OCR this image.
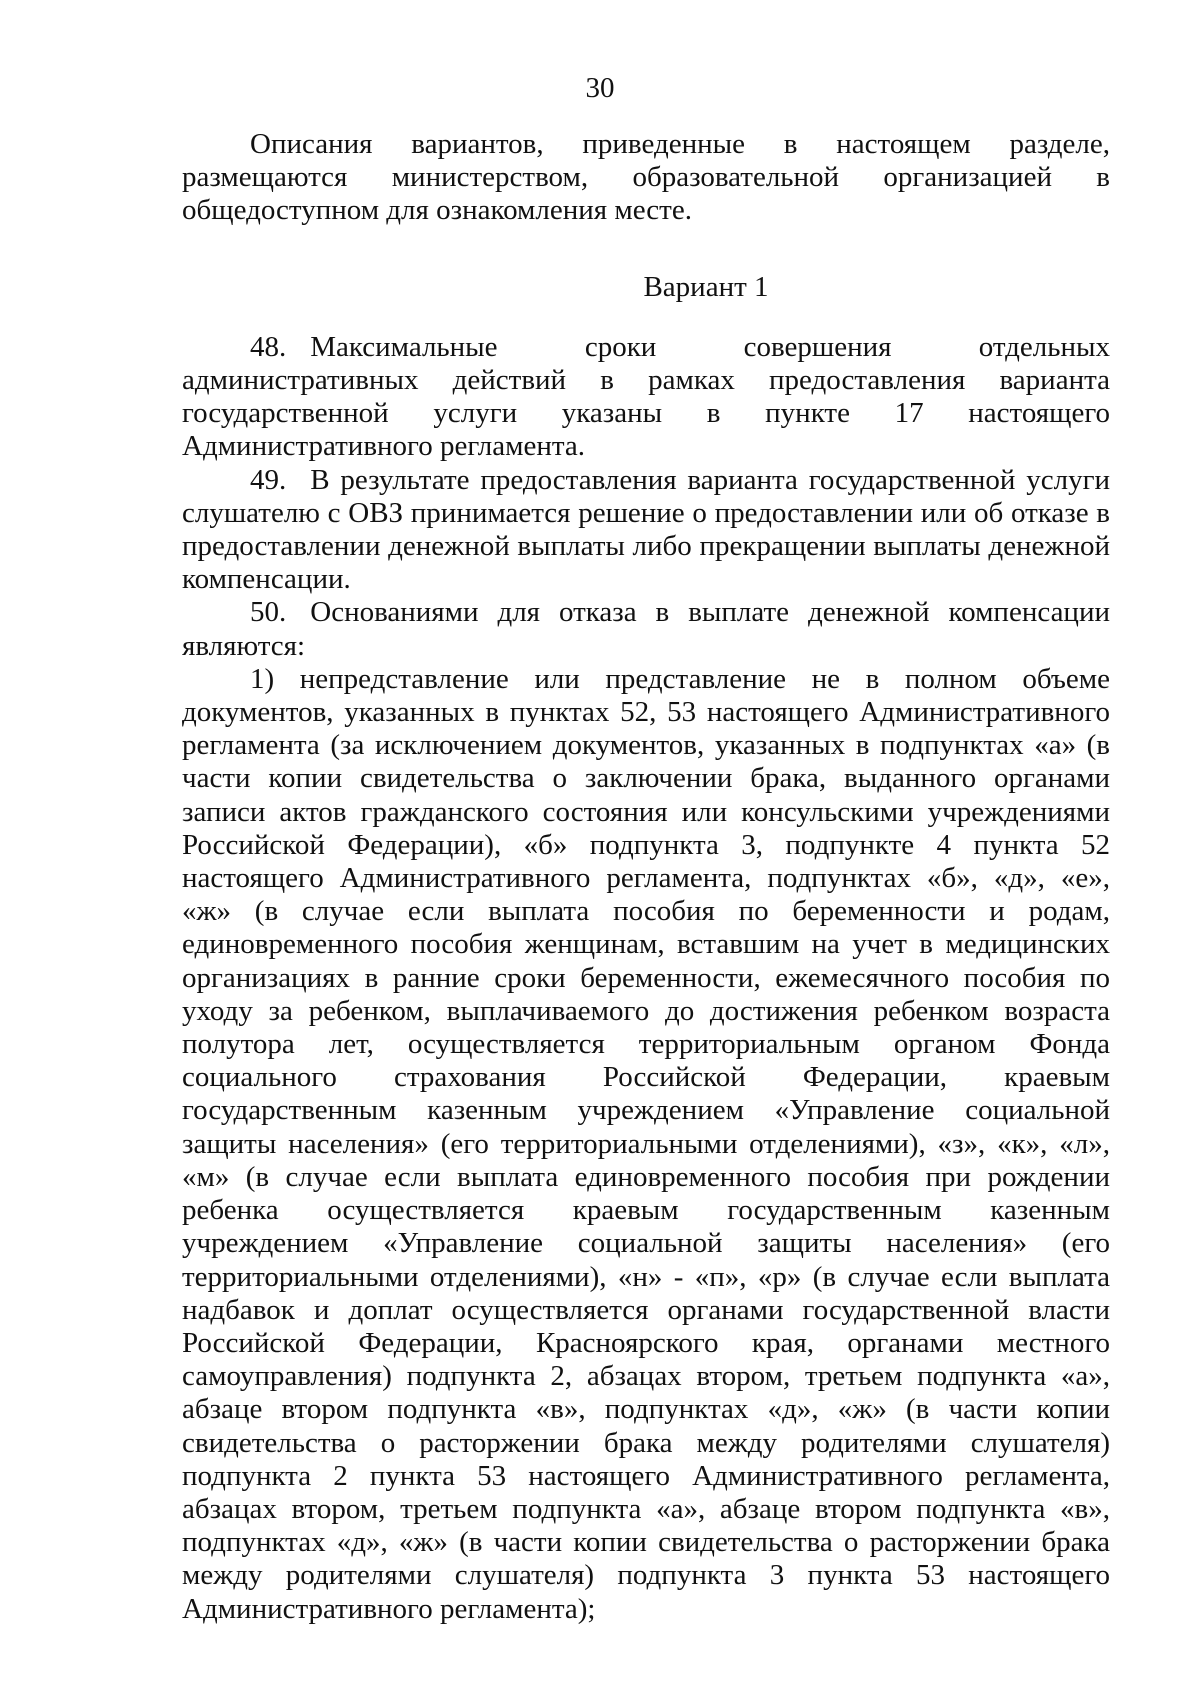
30

Описания вариантов, приведенные в настоящем разделе, размещаются министерством, образовательной организацией в общедоступном для ознакомления месте.

Вариант 1

48. Максимальные сроки совершения отдельных административных действий в рамках предоставления варианта государственной услуги указаны в пункте 17 настоящего Административного регламента.

49. В результате предоставления варианта государственной услуги слушателю с ОВЗ принимается решение о предоставлении или об отказе в предоставлении денежной выплаты либо прекращении выплаты денежной компенсации.

50. Основаниями для отказа в выплате денежной компенсации являются:

1) непредставление или представление не в полном объеме документов, указанных в пунктах 52, 53 настоящего Административного регламента (за исключением документов, указанных в подпунктах «а» (в части копии свидетельства о заключении брака, выданного органами записи актов гражданского состояния или консульскими учреждениями Российской Федерации), «б» подпункта 3, подпункте 4 пункта 52 настоящего Административного регламента, подпунктах «б», «д», «е», «ж» (в случае если выплата пособия по беременности и родам, единовременного пособия женщинам, вставшим на учет в медицинских организациях в ранние сроки беременности, ежемесячного пособия по уходу за ребенком, выплачиваемого до достижения ребенком возраста полутора лет, осуществляется территориальным органом Фонда социального страхования Российской Федерации, краевым государственным казенным учреждением «Управление социальной защиты населения» (его территориальными отделениями), «з», «к», «л», «м» (в случае если выплата единовременного пособия при рождении ребенка осуществляется краевым государственным казенным учреждением «Управление социальной защиты населения» (его территориальными отделениями), «н» - «п», «р» (в случае если выплата надбавок и доплат осуществляется органами государственной власти Российской Федерации, Красноярского края, органами местного самоуправления) подпункта 2, абзацах втором, третьем подпункта «а», абзаце втором подпункта «в», подпунктах «д», «ж» (в части копии свидетельства о расторжении брака между родителями слушателя) подпункта 2 пункта 53 настоящего Административного регламента, абзацах втором, третьем подпункта «а», абзаце втором подпункта «в», подпунктах «д», «ж» (в части копии свидетельства о расторжении брака между родителями слушателя) подпункта 3 пункта 53 настоящего Административного регламента);
